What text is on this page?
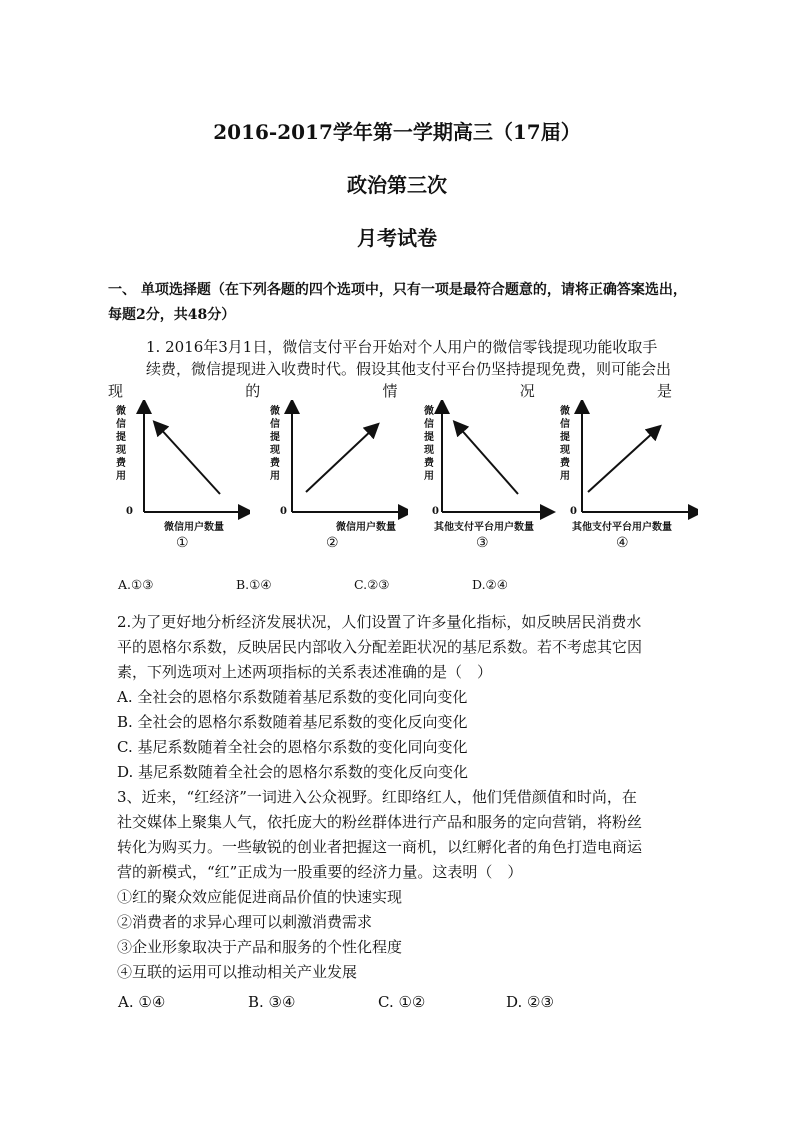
2016-2017学年第一学期高三（17届）
政治第三次
月考试卷

一、 单项选择题（在下列各题的四个选项中，只有一项是最符合题意的，请将正确答案选出，每题2分，共48分）

1. 2016年3月1日，微信支付平台开始对个人用户的微信零钱提现功能收取手

续费，微信提现进入收费时代。假设其他支付平台仍坚持提现免费，则可能会出

现　的　情　况　是

微信提现费用
0
微信用户数量
①
微信提现费用
0
微信用户数量
②
微信提现费用
0
其他支付平台用户数量
③
微信提现费用
0
其他支付平台用户数量
④
A.①③	B.①④	C.②③	D.②④

2.为了更好地分析经济发展状况，人们设置了许多量化指标，如反映居民消费水

平的恩格尔系数，反映居民内部收入分配差距状况的基尼系数。若不考虑其它因

素，下列选项对上述两项指标的关系表述准确的是（　）

A. 全社会的恩格尔系数随着基尼系数的变化同向变化

B. 全社会的恩格尔系数随着基尼系数的变化反向变化

C. 基尼系数随着全社会的恩格尔系数的变化同向变化

D. 基尼系数随着全社会的恩格尔系数的变化反向变化

3、近来，“红经济”一词进入公众视野。红即络红人，他们凭借颜值和时尚，在

社交媒体上聚集人气，依托庞大的粉丝群体进行产品和服务的定向营销，将粉丝

转化为购买力。一些敏锐的创业者把握这一商机，以红孵化者的角色打造电商运

营的新模式，“红”正成为一股重要的经济力量。这表明（　）

①红的聚众效应能促进商品价值的快速实现

②消费者的求异心理可以刺激消费需求

③企业形象取决于产品和服务的个性化程度

④互联的运用可以推动相关产业发展

A. ①④	B. ③④	C. ①②	D. ②③
